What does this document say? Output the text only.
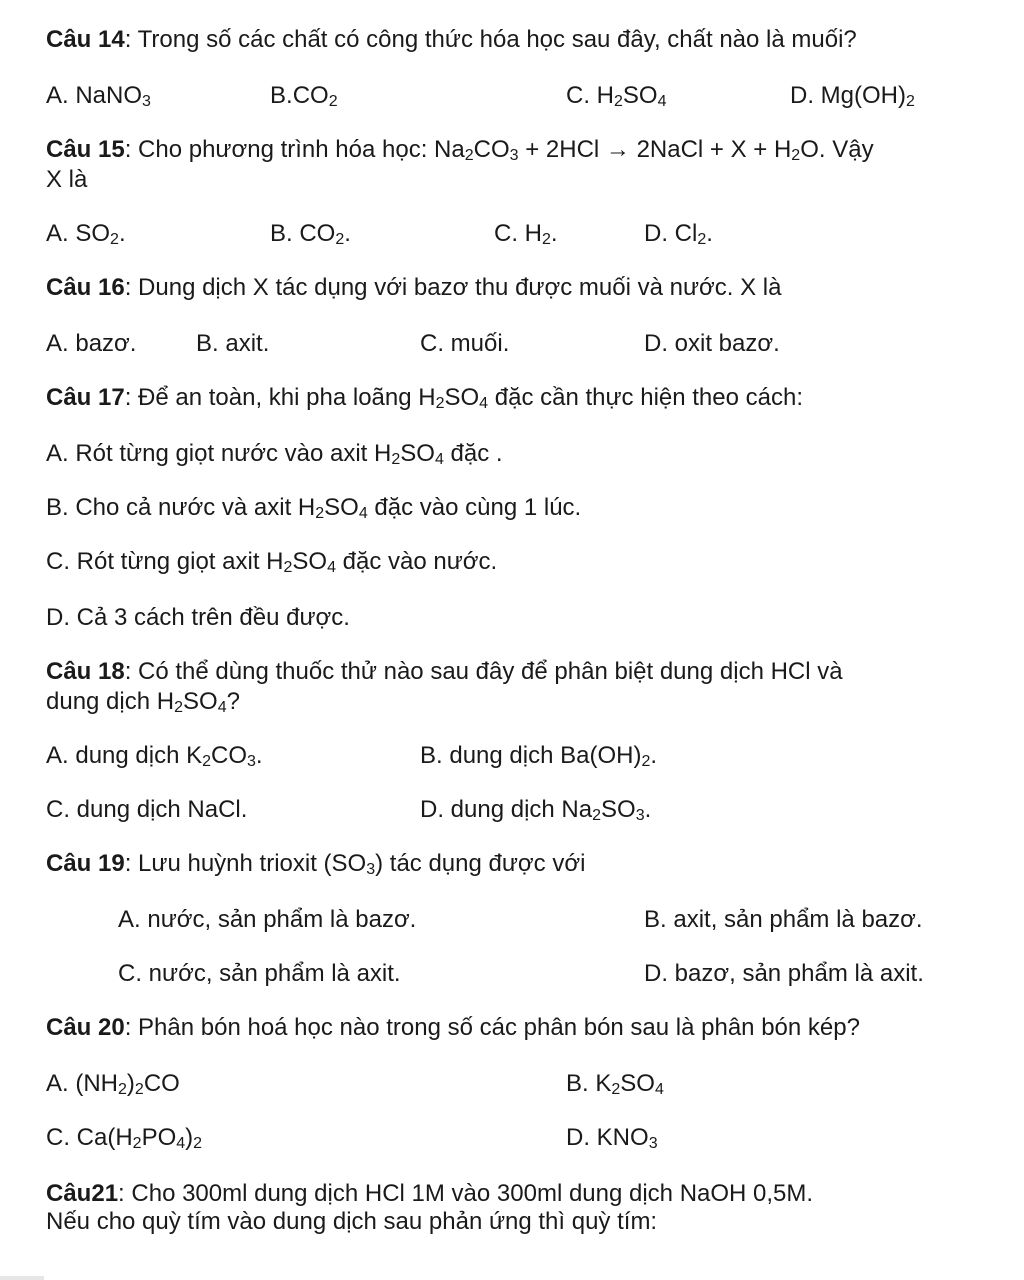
Câu 14: Trong số các chất có công thức hóa học sau đây, chất nào là muối?
A. NaNO$_3$	$B.CO_2$	C. $H_2SO_4$	D. $Mg(OH)_2$
Câu 15: Cho phương trình hóa học: $Na_2CO_3 + 2HCl$ → 2NaCl + $X + H_2O$. Vậy
X là
A. $SO_2$.	B. $CO_2$.	C. $H_2$.	D. $Cl_2$.
Câu 16: Dung dịch X tác dụng với bazơ thu được muối và nước. X là
A. bazơ. B. axit.	C. muối.	D. oxit bazơ.
Câu 17: Để an toàn, khi pha loãng $H_2SO_4$ đặc cần thực hiện theo cách:
A. Rót từng giọt nước vào axit $H_2SO_4$ đặc .
B. Cho cả nước và axit $H_2SO_4$ đặc vào cùng 1 lúc.
C. Rót từng giọt axit $H_2SO_4$ đặc vào nước.
D. Cả 3 cách trên đều được.
Câu 18: Có thể dùng thuốc thử nào sau đây để phân biệt dung dịch HCl và
dung dịch $H_2SO_4$?
A. dung dịch $K_2CO_3$.	B. dung dịch $Ba(OH)_2$.
C. dung dịch NaCl.	D. dung dịch $Na_2SO_3$.
Câu 19: Lưu huỳnh trioxit $(SO_3)$ tác dụng được với
A. nước, sản phẩm là bazơ.	B. axit, sản phẩm là bazơ.
C. nước, sản phẩm là axit.	D. bazơ, sản phẩm là axit.
Câu 20: Phân bón hoá học nào trong số các phân bón sau là phân bón kép?
A. $(NH_2)_2CO$	B. $K_2SO_4$
C. $Ca(H_2PO_4)_2$	D. $KNO_3$
Câu21: Cho 300ml dung dịch HCl 1M vào 300ml dung dịch NaOH 0,5M.
Nếu cho quỳ tím vào dung dịch sau phản ứng thì quỳ tím:
